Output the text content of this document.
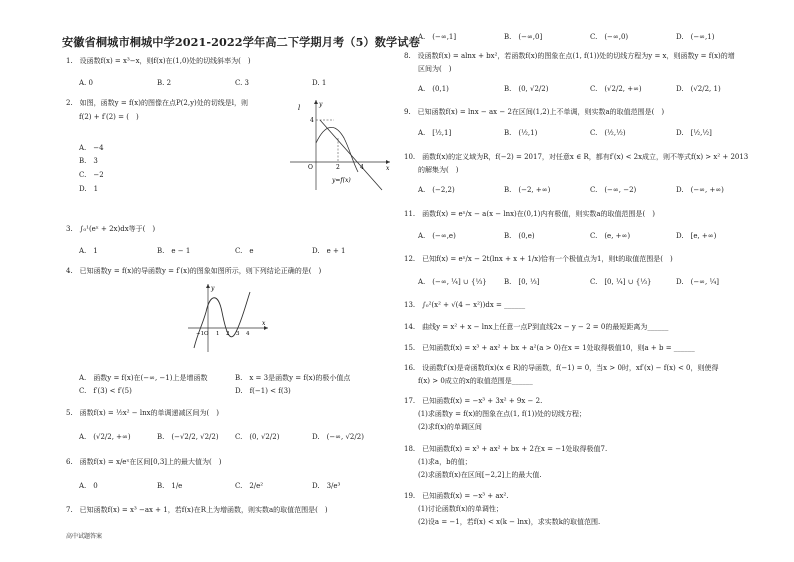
安徽省桐城市桐城中学2021-2022学年高二下学期月考（5）数学试卷
1.　设函数f(x) = x³−x，则f(x)在(1,0)处的切线斜率为(　)
A. 0	B. 2	C. 3	D. 1
2.　如图，函数y = f(x)的图像在点P(2,y)处的切线是l，则
f(2) + f′(2) = (　)
A.　−4
B.　3
C.　−2
D.　1
l	y
4
O	2	4	x
y=f(x)
3.　∫₀¹(eˣ + 2x)dx等于(　)
A.　1	B.　e − 1	C.　e	D.　e + 1
4.　已知函数y = f(x)的导函数y = f′(x)的图象如图所示，则下列结论正确的是(　)
y
−1 O 1 2 3 4
x
A.　函数y = f(x)在(−∞, −1)上是增函数	B.　x = 3是函数y = f(x)的极小值点
C.　f′(3) < f′(5)	D.　f(−1) < f(3)
5.　函数f(x) = ½x² − lnx的单调递减区间为(　)
A.　(√2/2, +∞)	B.　(−√2/2, √2/2) C.　(0, √2/2)	D.　(−∞, √2/2)
6.　函数f(x) = x/eˣ在区间[0,3]上的最大值为(　)
A.　0	B.　1/e	C.　2/e²	D.　3/e³
7.　已知函数f(x) = x³ −ax + 1，若f(x)在R上为增函数，则实数a的取值范围是(　)
高中试题答案
A.　(−∞,1]	B.　(−∞,0]	C.　(−∞,0)	D.　(−∞,1)
8.　设函数f(x) = alnx + bx²，若函数f(x)的图象在点(1, f(1))处的切线方程为y = x，则函数y = f(x)的增
区间为(　)
A.　(0,1)	B.　(0, √2/2)	C.　(√2/2, +∞)	D.　(√2/2, 1)
9.　已知函数f(x) = lnx − ax − 2在区间(1,2)上不单调，则实数a的取值范围是(　)
A.　[½,1]	B.　(½,1)	C.　(½,½)	D.　[½,½]
10.　函数f(x)的定义域为R，f(−2) = 2017，对任意x ∈ R，都有f′(x) < 2x成立，则不等式f(x) > x² + 2013
的解集为(　)
A.　(−2,2)	B.　(−2, +∞)	C.　(−∞, −2)	D.　(−∞, +∞)
11.　函数f(x) = eˣ/x − a(x − lnx)在(0,1)内有极值，则实数a的取值范围是(　)
A.　(−∞,e)	B.　(0,e)	C.　(e, +∞)	D.　[e, +∞)
12.　已知f(x) = eˣ/x − 2t(lnx + x + 1/x)恰有一个极值点为1，则t的取值范围是(　)
A.　(−∞, ¼] ∪ {⅓} B.　[0, ⅓]	C.　[0, ¼] ∪ {⅓}	D.　(−∞, ¼]
13.　∫₀²(x² + √(4 − x²))dx = ______
14.　曲线y = x² + x − lnx上任意一点P到直线2x − y − 2 = 0的最短距离为______
15.　已知函数f(x) = x³ + ax² + bx + a²(a > 0)在x = 1处取得极值10，则a + b = ______
16.　设函数f′(x)是奇函数f(x)(x ∈ R)的导函数，f(−1) = 0，当x > 0时，xf′(x) − f(x) < 0，则使得
f(x) > 0成立的x的取值范围是______
17.　已知函数f(x) = −x³ + 3x² + 9x − 2.
(1)求函数y = f(x)的图象在点(1, f(1))处的切线方程；
(2)求f(x)的单调区间
18.　已知函数f(x) = x³ + ax² + bx + 2在x = −1处取得极值7.
(1)求a，b的值；
(2)求函数f(x)在区间[−2,2]上的最大值.
19.　已知函数f(x) = −x³ + ax².
(1)讨论函数f(x)的单调性；
(2)设a = −1，若f(x) < x(k − lnx)，求实数k的取值范围.
